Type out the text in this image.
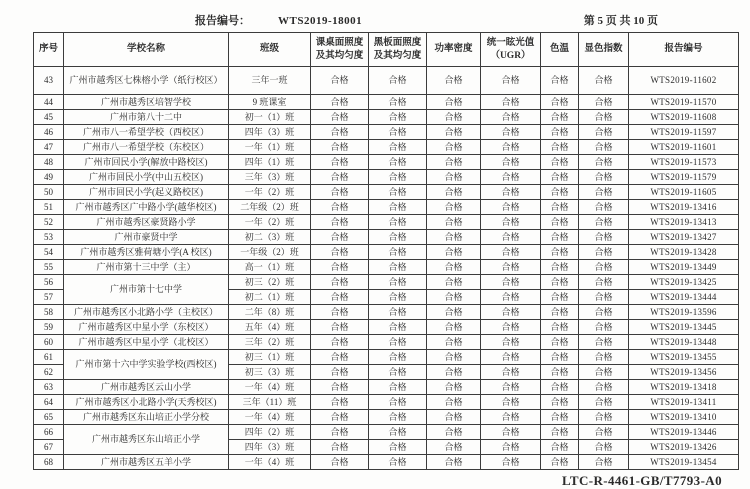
报告编号：	WTS2019-18001	第 5 页 共 10 页
序号	学校名称	班级	课桌面照度及其均匀度	黑板面照度及其均匀度	功率密度	统一眩光值（UGR）	色温	显色指数	报告编号
43	广州市越秀区七株榕小学（纸行校区）	三年一班	合格	合格	合格	合格	合格	合格	WTS2019-11602
44	广州市越秀区培智学校	9 班课室	合格	合格	合格	合格	合格	合格	WTS2019-11570
45	广州市第八十二中	初一（1）班	合格	合格	合格	合格	合格	合格	WTS2019-11608
46	广州市八一希望学校（西校区）	四年（3）班	合格	合格	合格	合格	合格	合格	WTS2019-11597
47	广州市八一希望学校（东校区）	一年（1）班	合格	合格	合格	合格	合格	合格	WTS2019-11601
48	广州市回民小学(解放中路校区)	四年（1）班	合格	合格	合格	合格	合格	合格	WTS2019-11573
49	广州市回民小学(中山五校区)	三年（3）班	合格	合格	合格	合格	合格	合格	WTS2019-11579
50	广州市回民小学(起义路校区)	一年（2）班	合格	合格	合格	合格	合格	合格	WTS2019-11605
51	广州市越秀区广中路小学(越华校区)	二年级（2）班	合格	合格	合格	合格	合格	合格	WTS2019-13416
52	广州市越秀区豪贤路小学	一年（2）班	合格	合格	合格	合格	合格	合格	WTS2019-13413
53	广州市豪贤中学	初二（3）班	合格	合格	合格	合格	合格	合格	WTS2019-13427
54	广州市越秀区雅荷塘小学(A 校区)	一年级（2）班	合格	合格	合格	合格	合格	合格	WTS2019-13428
55	广州市第十三中学（主）	高一（1）班	合格	合格	合格	合格	合格	合格	WTS2019-13449
56	广州市第十七中学	初三（2）班	合格	合格	合格	合格	合格	合格	WTS2019-13425
57		初二（1）班	合格	合格	合格	合格	合格	合格	WTS2019-13444
58	广州市越秀区小北路小学（主校区）	二年（8）班	合格	合格	合格	合格	合格	合格	WTS2019-13596
59	广州市越秀区中星小学（东校区）	五年（4）班	合格	合格	合格	合格	合格	合格	WTS2019-13445
60	广州市越秀区中星小学（北校区）	三年（2）班	合格	合格	合格	合格	合格	合格	WTS2019-13448
61	广州市第十六中学实验学校(西校区)	初三（1）班	合格	合格	合格	合格	合格	合格	WTS2019-13455
62		初三（3）班	合格	合格	合格	合格	合格	合格	WTS2019-13456
63	广州市越秀区云山小学	一年（4）班	合格	合格	合格	合格	合格	合格	WTS2019-13418
64	广州市越秀区小北路小学(天秀校区)	三年（11）班	合格	合格	合格	合格	合格	合格	WTS2019-13411
65	广州市越秀区东山培正小学分校	一年（4）班	合格	合格	合格	合格	合格	合格	WTS2019-13410
66	广州市越秀区东山培正小学	四年（2）班	合格	合格	合格	合格	合格	合格	WTS2019-13446
67		四年（3）班	合格	合格	合格	合格	合格	合格	WTS2019-13426
68	广州市越秀区五羊小学	一年（4）班	合格	合格	合格	合格	合格	合格	WTS2019-13454
LTC-R-4461-GB/T7793-A0
